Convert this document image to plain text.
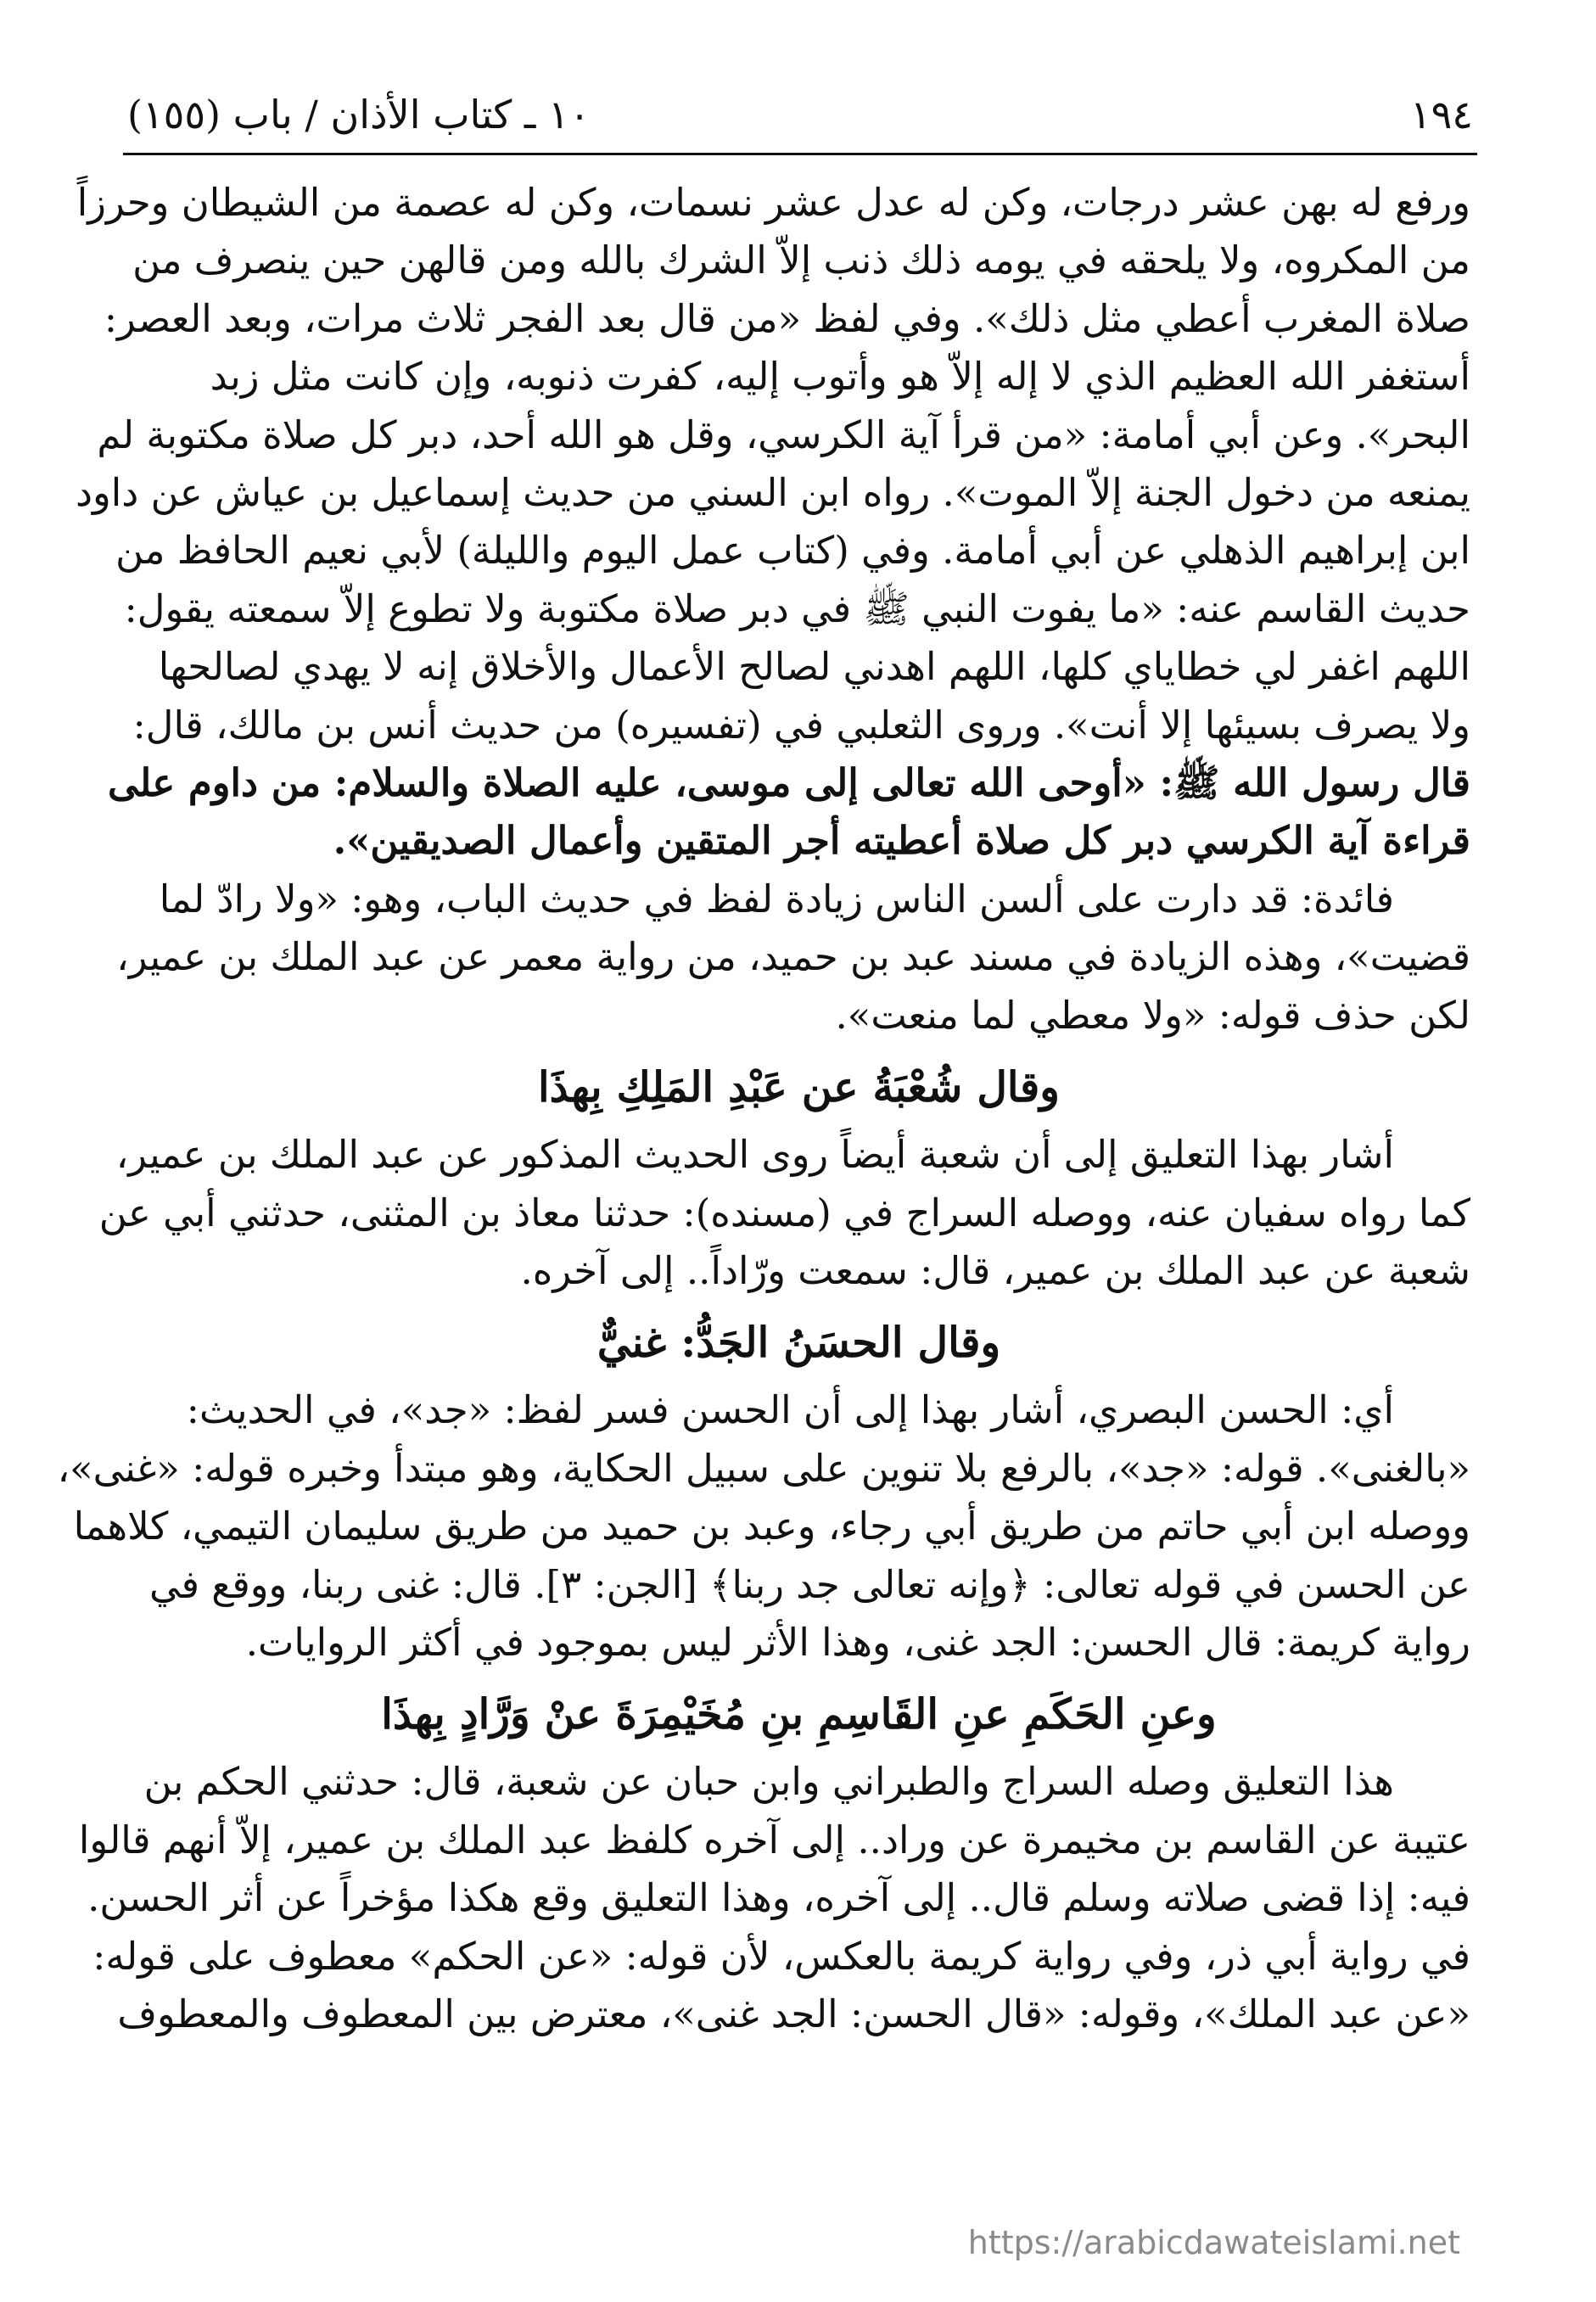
١٩٤
١٠ ـ كتاب الأذان / باب (١٥٥)
ورفع له بهن عشر درجات، وكن له عدل عشر نسمات، وكن له عصمة من الشيطان وحرزاً
من المكروه، ولا يلحقه في يومه ذلك ذنب إلاّ الشرك بالله ومن قالهن حين ينصرف من
صلاة المغرب أعطي مثل ذلك». وفي لفظ «من قال بعد الفجر ثلاث مرات، وبعد العصر:
أستغفر الله العظيم الذي لا إله إلاّ هو وأتوب إليه، كفرت ذنوبه، وإن كانت مثل زبد
البحر». وعن أبي أمامة: «من قرأ آية الكرسي، وقل هو الله أحد، دبر كل صلاة مكتوبة لم
يمنعه من دخول الجنة إلاّ الموت». رواه ابن السني من حديث إسماعيل بن عياش عن داود
ابن إبراهيم الذهلي عن أبي أمامة. وفي (كتاب عمل اليوم والليلة) لأبي نعيم الحافظ من
حديث القاسم عنه: «ما يفوت النبي ﷺ في دبر صلاة مكتوبة ولا تطوع إلاّ سمعته يقول:
اللهم اغفر لي خطاياي كلها، اللهم اهدني لصالح الأعمال والأخلاق إنه لا يهدي لصالحها
ولا يصرف بسيئها إلا أنت». وروى الثعلبي في (تفسيره) من حديث أنس بن مالك، قال:
قال رسول الله ﷺ: «أوحى الله تعالى إلى موسى، عليه الصلاة والسلام: من داوم على
قراءة آية الكرسي دبر كل صلاة أعطيته أجر المتقين وأعمال الصديقين».
فائدة: قد دارت على ألسن الناس زيادة لفظ في حديث الباب، وهو: «ولا رادّ لما
قضيت»، وهذه الزيادة في مسند عبد بن حميد، من رواية معمر عن عبد الملك بن عمير،
لكن حذف قوله: «ولا معطي لما منعت».
وقال شُعْبَةُ عن عَبْدِ المَلِكِ بِهذَا
أشار بهذا التعليق إلى أن شعبة أيضاً روى الحديث المذكور عن عبد الملك بن عمير،
كما رواه سفيان عنه، ووصله السراج في (مسنده): حدثنا معاذ بن المثنى، حدثني أبي عن
شعبة عن عبد الملك بن عمير، قال: سمعت ورّاداً.. إلى آخره.
وقال الحسَنُ الجَدُّ: غنيٌّ
أي: الحسن البصري، أشار بهذا إلى أن الحسن فسر لفظ: «جد»، في الحديث:
«بالغنى». قوله: «جد»، بالرفع بلا تنوين على سبيل الحكاية، وهو مبتدأ وخبره قوله: «غنى»،
ووصله ابن أبي حاتم من طريق أبي رجاء، وعبد بن حميد من طريق سليمان التيمي، كلاهما
عن الحسن في قوله تعالى: ﴿وإنه تعالى جد ربنا﴾ [الجن: ٣]. قال: غنى ربنا، ووقع في
رواية كريمة: قال الحسن: الجد غنى، وهذا الأثر ليس بموجود في أكثر الروايات.
وعنِ الحَكَمِ عنِ القَاسِمِ بنِ مُخَيْمِرَةَ عنْ وَرَّادٍ بِهذَا
هذا التعليق وصله السراج والطبراني وابن حبان عن شعبة، قال: حدثني الحكم بن
عتيبة عن القاسم بن مخيمرة عن وراد.. إلى آخره كلفظ عبد الملك بن عمير، إلاّ أنهم قالوا
فيه: إذا قضى صلاته وسلم قال.. إلى آخره، وهذا التعليق وقع هكذا مؤخراً عن أثر الحسن.
في رواية أبي ذر، وفي رواية كريمة بالعكس، لأن قوله: «عن الحكم» معطوف على قوله:
«عن عبد الملك»، وقوله: «قال الحسن: الجد غنى»، معترض بين المعطوف والمعطوف
https://arabicdawateislami.net
